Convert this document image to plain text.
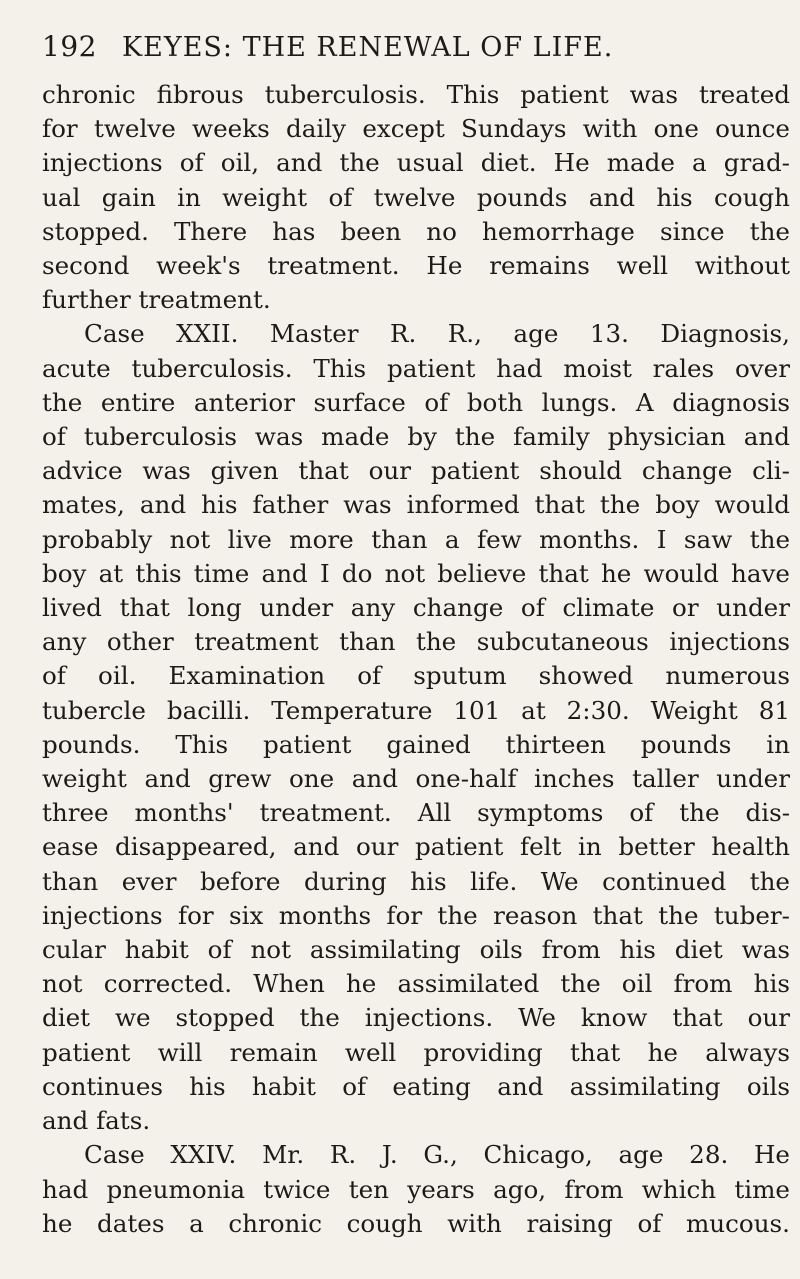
192 KEYES: THE RENEWAL OF LIFE.
chronic fibrous tuberculosis. This patient was treated
for twelve weeks daily except Sundays with one ounce
injections of oil, and the usual diet. He made a grad-
ual gain in weight of twelve pounds and his cough
stopped. There has been no hemorrhage since the
second week's treatment. He remains well without
further treatment.
Case XXII. Master R. R., age 13. Diagnosis,
acute tuberculosis. This patient had moist rales over
the entire anterior surface of both lungs. A diagnosis
of tuberculosis was made by the family physician and
advice was given that our patient should change cli-
mates, and his father was informed that the boy would
probably not live more than a few months. I saw the
boy at this time and I do not believe that he would have
lived that long under any change of climate or under
any other treatment than the subcutaneous injections
of oil. Examination of sputum showed numerous
tubercle bacilli. Temperature 101 at 2:30. Weight 81
pounds. This patient gained thirteen pounds in
weight and grew one and one-half inches taller under
three months' treatment. All symptoms of the dis-
ease disappeared, and our patient felt in better health
than ever before during his life. We continued the
injections for six months for the reason that the tuber-
cular habit of not assimilating oils from his diet was
not corrected. When he assimilated the oil from his
diet we stopped the injections. We know that our
patient will remain well providing that he always
continues his habit of eating and assimilating oils
and fats.
Case XXIV. Mr. R. J. G., Chicago, age 28. He
had pneumonia twice ten years ago, from which time
he dates a chronic cough with raising of mucous.
